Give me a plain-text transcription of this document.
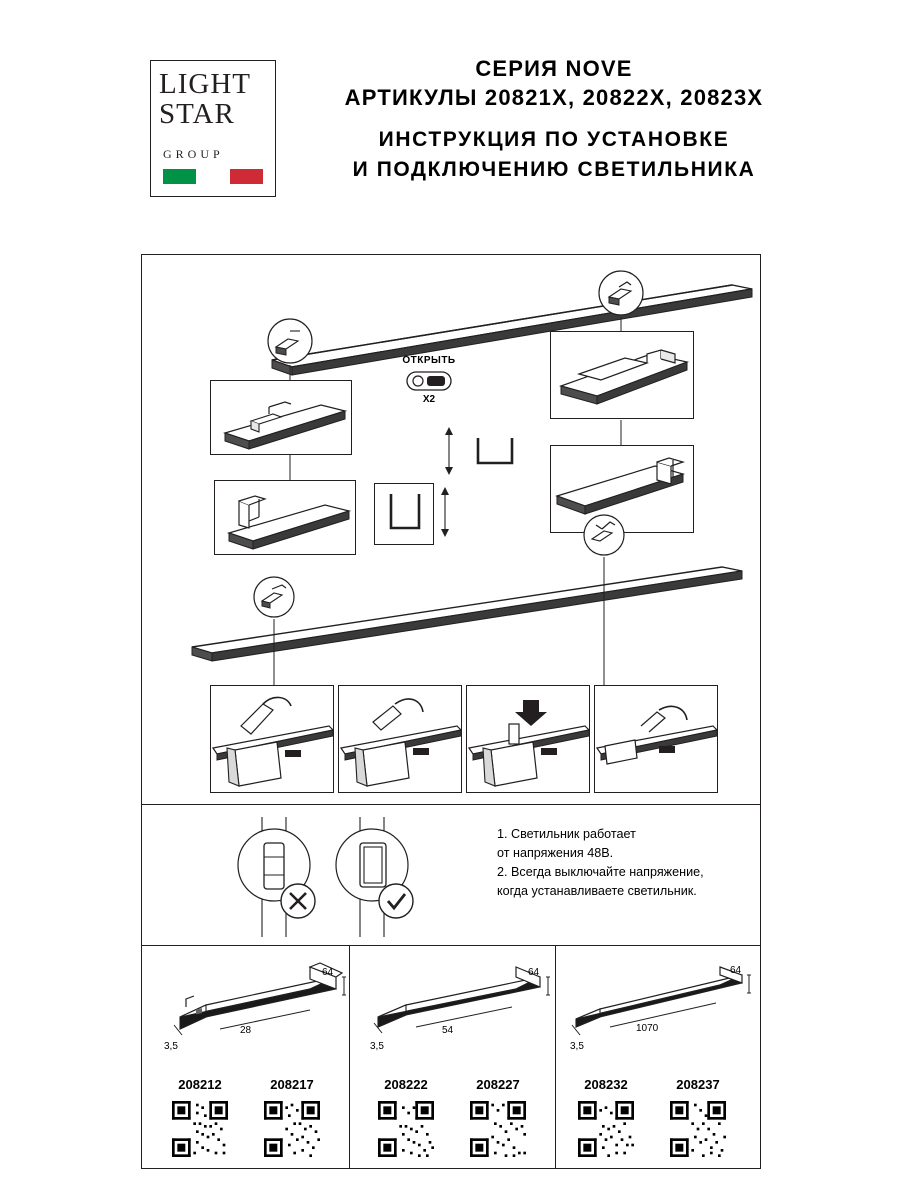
LIGHT
STAR
GROUP
СЕРИЯ NOVE
АРТИКУЛЫ 20821X, 20822X, 20823X
ИНСТРУКЦИЯ ПО УСТАНОВКЕ
И ПОДКЛЮЧЕНИЮ СВЕТИЛЬНИКА
ОТКРЫТЬ
X2
1. Светильник работает
от напряжения 48В.
2. Всегда выключайте напряжение,
когда устанавливаете светильник.
64
28
3,5
208212	208217
64
54
3,5
208222	208227
64
1070
3,5
208232	208237
